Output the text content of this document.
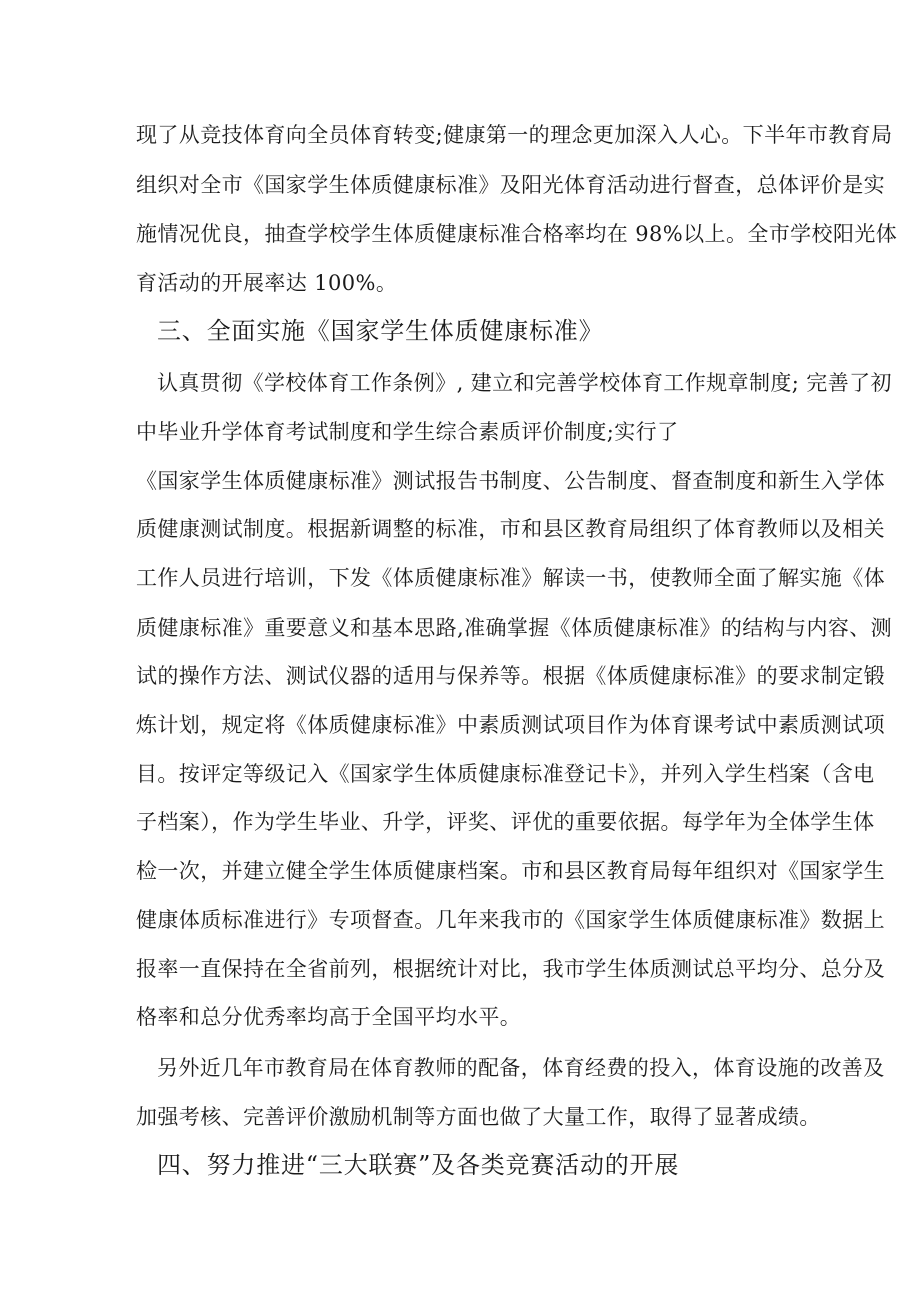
现了从竞技体育向全员体育转变;健康第一的理念更加深入人心。下半年市教育局
组织对全市《国家学生体质健康标准》及阳光体育活动进行督查，总体评价是实
施情况优良，抽查学校学生体质健康标准合格率均在 98%以上。全市学校阳光体
育活动的开展率达 100%。
三、全面实施《国家学生体质健康标准》
认真贯彻《学校体育工作条例》, 建立和完善学校体育工作规章制度; 完善了初
中毕业升学体育考试制度和学生综合素质评价制度;实行了
《国家学生体质健康标准》测试报告书制度、公告制度、督查制度和新生入学体
质健康测试制度。根据新调整的标准，市和县区教育局组织了体育教师以及相关
工作人员进行培训，下发《体质健康标准》解读一书，使教师全面了解实施《体
质健康标准》重要意义和基本思路,准确掌握《体质健康标准》的结构与内容、测
试的操作方法、测试仪器的适用与保养等。根据《体质健康标准》的要求制定锻
炼计划，规定将《体质健康标准》中素质测试项目作为体育课考试中素质测试项
目。按评定等级记入《国家学生体质健康标准登记卡》，并列入学生档案（含电
子档案），作为学生毕业、升学，评奖、评优的重要依据。每学年为全体学生体
检一次，并建立健全学生体质健康档案。市和县区教育局每年组织对《国家学生
健康体质标准进行》专项督查。几年来我市的《国家学生体质健康标准》数据上
报率一直保持在全省前列，根据统计对比，我市学生体质测试总平均分、总分及
格率和总分优秀率均高于全国平均水平。
另外近几年市教育局在体育教师的配备，体育经费的投入，体育设施的改善及
加强考核、完善评价激励机制等方面也做了大量工作，取得了显著成绩。
四、努力推进“三大联赛”及各类竞赛活动的开展
